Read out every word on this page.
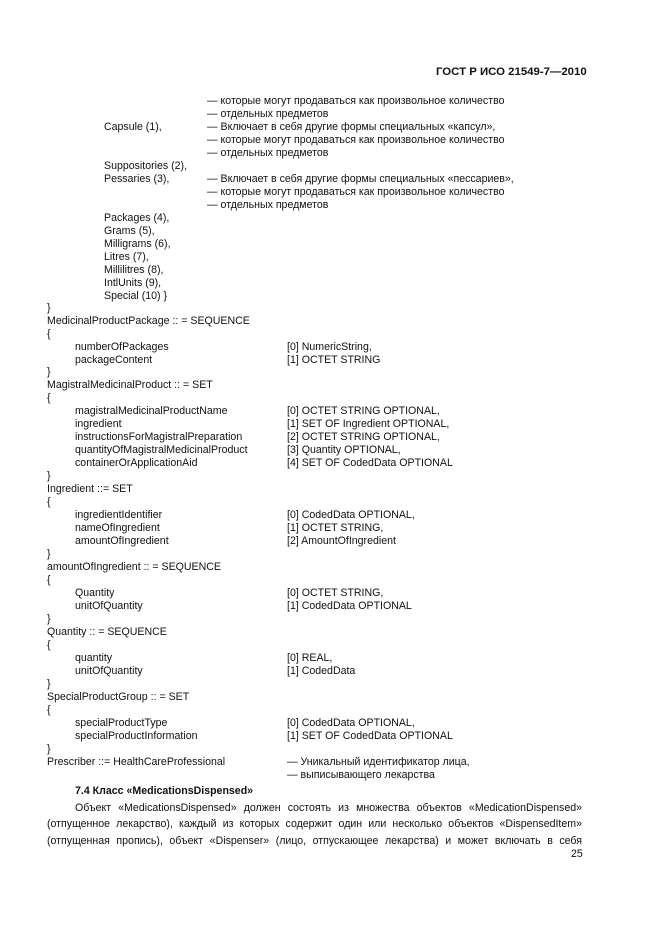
ГОСТ Р ИСО 21549-7—2010
— которые могут продаваться как произвольное количество
— отдельных предметов
Capsule (1),	— Включает в себя другие формы специальных «капсул»,
— которые могут продаваться как произвольное количество
— отдельных предметов
Suppositories (2),
Pessaries (3),	— Включает в себя другие формы специальных «пессариев»,
— которые могут продаваться как произвольное количество
— отдельных предметов
Packages (4),
Grams (5),
Milligrams (6),
Litres (7),
Millilitres (8),
IntlUnits (9),
Special (10) }
}
MedicinalProductPackage :: = SEQUENCE
{
numberOfPackages	[0] NumericString,
packageContent	[1] OCTET STRING
}
MagistralMedicinalProduct :: = SET
{
magistralMedicinalProductName	[0] OCTET STRING OPTIONAL,
ingredient	[1] SET OF Ingredient OPTIONAL,
instructionsForMagistralPreparation	[2] OCTET STRING OPTIONAL,
quantityOfMagistralMedicinalProduct	[3] Quantity OPTIONAL,
containerOrApplicationAid	[4] SET OF CodedData OPTIONAL
}
Ingredient ::= SET
{
ingredientIdentifier	[0] CodedData OPTIONAL,
nameOfIngredient	[1] OCTET STRING,
amountOfIngredient	[2] AmountOfIngredient
}
amountOfIngredient :: = SEQUENCE
{
Quantity	[0] OCTET STRING,
unitOfQuantity	[1] CodedData OPTIONAL
}
Quantity :: = SEQUENCE
{
quantity	[0] REAL,
unitOfQuantity	[1] CodedData
}
SpecialProductGroup :: = SET
{
specialProductType	[0] CodedData OPTIONAL,
specialProductInformation	[1] SET OF CodedData OPTIONAL
}
Prescriber ::= HealthCareProfessional	— Уникальный идентификатор лица,
— выписывающего лекарства
7.4 Класс «MedicationsDispensed»
Объект «MedicationsDispensed» должен состоять из множества объектов «MedicationDispensed»
(отпущенное лекарство), каждый из которых содержит один или несколько объектов «DispensedItem»
(отпущенная пропись), объект «Dispenser» (лицо, отпускающее лекарства) и может включать в себя
25
